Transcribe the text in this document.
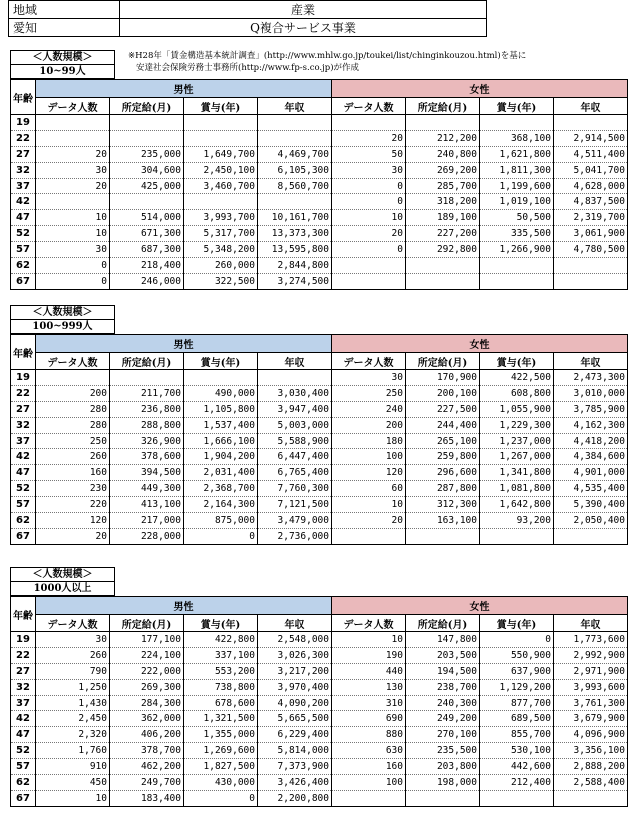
地域	産業
愛知	Q複合サービス事業
※H28年「賃金構造基本統計調査」(http://www.mhlw.go.jp/toukei/list/chinginkouzou.html)を基に
安達社会保険労務士事務所(http://www.fp-s.co.jp)が作成
＜人数規模＞
10~99人
年齢	男性				女性			
	データ人数	所定給(月)	賞与(年)	年収	データ人数	所定給(月)	賞与(年)	年収
19								
22					20	212,200	368,100	2,914,500
27	20	235,000	1,649,700	4,469,700	50	240,800	1,621,800	4,511,400
32	30	304,600	2,450,100	6,105,300	30	269,200	1,811,300	5,041,700
37	20	425,000	3,460,700	8,560,700	0	285,700	1,199,600	4,628,000
42					0	318,200	1,019,100	4,837,500
47	10	514,000	3,993,700	10,161,700	10	189,100	50,500	2,319,700
52	10	671,300	5,317,700	13,373,300	20	227,200	335,500	3,061,900
57	30	687,300	5,348,200	13,595,800	0	292,800	1,266,900	4,780,500
62	0	218,400	260,000	2,844,800				
67	0	246,000	322,500	3,274,500				
＜人数規模＞
100~999人
年齢	男性				女性			
	データ人数	所定給(月)	賞与(年)	年収	データ人数	所定給(月)	賞与(年)	年収
19					30	170,900	422,500	2,473,300
22	200	211,700	490,000	3,030,400	250	200,100	608,800	3,010,000
27	280	236,800	1,105,800	3,947,400	240	227,500	1,055,900	3,785,900
32	280	288,800	1,537,400	5,003,000	200	244,400	1,229,300	4,162,300
37	250	326,900	1,666,100	5,588,900	180	265,100	1,237,000	4,418,200
42	260	378,600	1,904,200	6,447,400	100	259,800	1,267,000	4,384,600
47	160	394,500	2,031,400	6,765,400	120	296,600	1,341,800	4,901,000
52	230	449,300	2,368,700	7,760,300	60	287,800	1,081,800	4,535,400
57	220	413,100	2,164,300	7,121,500	10	312,300	1,642,800	5,390,400
62	120	217,000	875,000	3,479,000	20	163,100	93,200	2,050,400
67	20	228,000	0	2,736,000				
＜人数規模＞
1000人以上
年齢	男性				女性			
	データ人数	所定給(月)	賞与(年)	年収	データ人数	所定給(月)	賞与(年)	年収
19	30	177,100	422,800	2,548,000	10	147,800	0	1,773,600
22	260	224,100	337,100	3,026,300	190	203,500	550,900	2,992,900
27	790	222,000	553,200	3,217,200	440	194,500	637,900	2,971,900
32	1,250	269,300	738,800	3,970,400	130	238,700	1,129,200	3,993,600
37	1,430	284,300	678,600	4,090,200	310	240,300	877,700	3,761,300
42	2,450	362,000	1,321,500	5,665,500	690	249,200	689,500	3,679,900
47	2,320	406,200	1,355,000	6,229,400	880	270,100	855,700	4,096,900
52	1,760	378,700	1,269,600	5,814,000	630	235,500	530,100	3,356,100
57	910	462,200	1,827,500	7,373,900	160	203,800	442,600	2,888,200
62	450	249,700	430,000	3,426,400	100	198,000	212,400	2,588,400
67	10	183,400	0	2,200,800				
